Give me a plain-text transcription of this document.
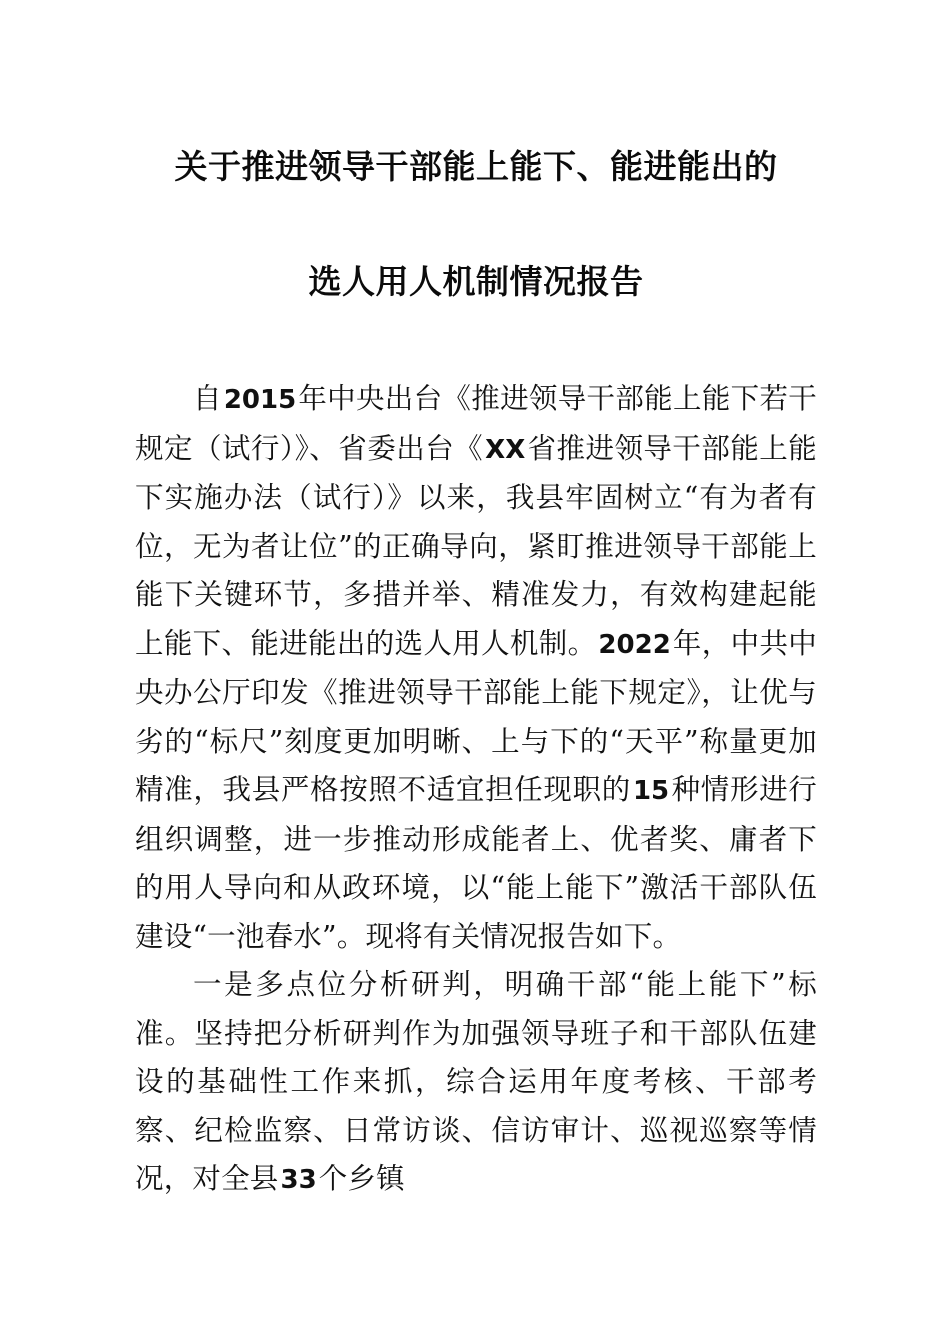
关于推进领导干部能上能下、能进能出的
选人用人机制情况报告

自2015年中央出台《推进领导干部能上能下若干规定（试行）》、省委出台《XX省推进领导干部能上能下实施办法（试行）》以来，我县牢固树立“有为者有位，无为者让位”的正确导向，紧盯推进领导干部能上能下关键环节，多措并举、精准发力，有效构建起能上能下、能进能出的选人用人机制。2022年，中共中央办公厅印发《推进领导干部能上能下规定》，让优与劣的“标尺”刻度更加明晰、上与下的“天平”称量更加精准，我县严格按照不适宜担任现职的15种情形进行组织调整，进一步推动形成能者上、优者奖、庸者下的用人导向和从政环境，以“能上能下”激活干部队伍建设“一池春水”。现将有关情况报告如下。

一是多点位分析研判，明确干部“能上能下”标准。坚持把分析研判作为加强领导班子和干部队伍建设的基础性工作来抓，综合运用年度考核、干部考察、纪检监察、日常访谈、信访审计、巡视巡察等情况，对全县33个乡镇
